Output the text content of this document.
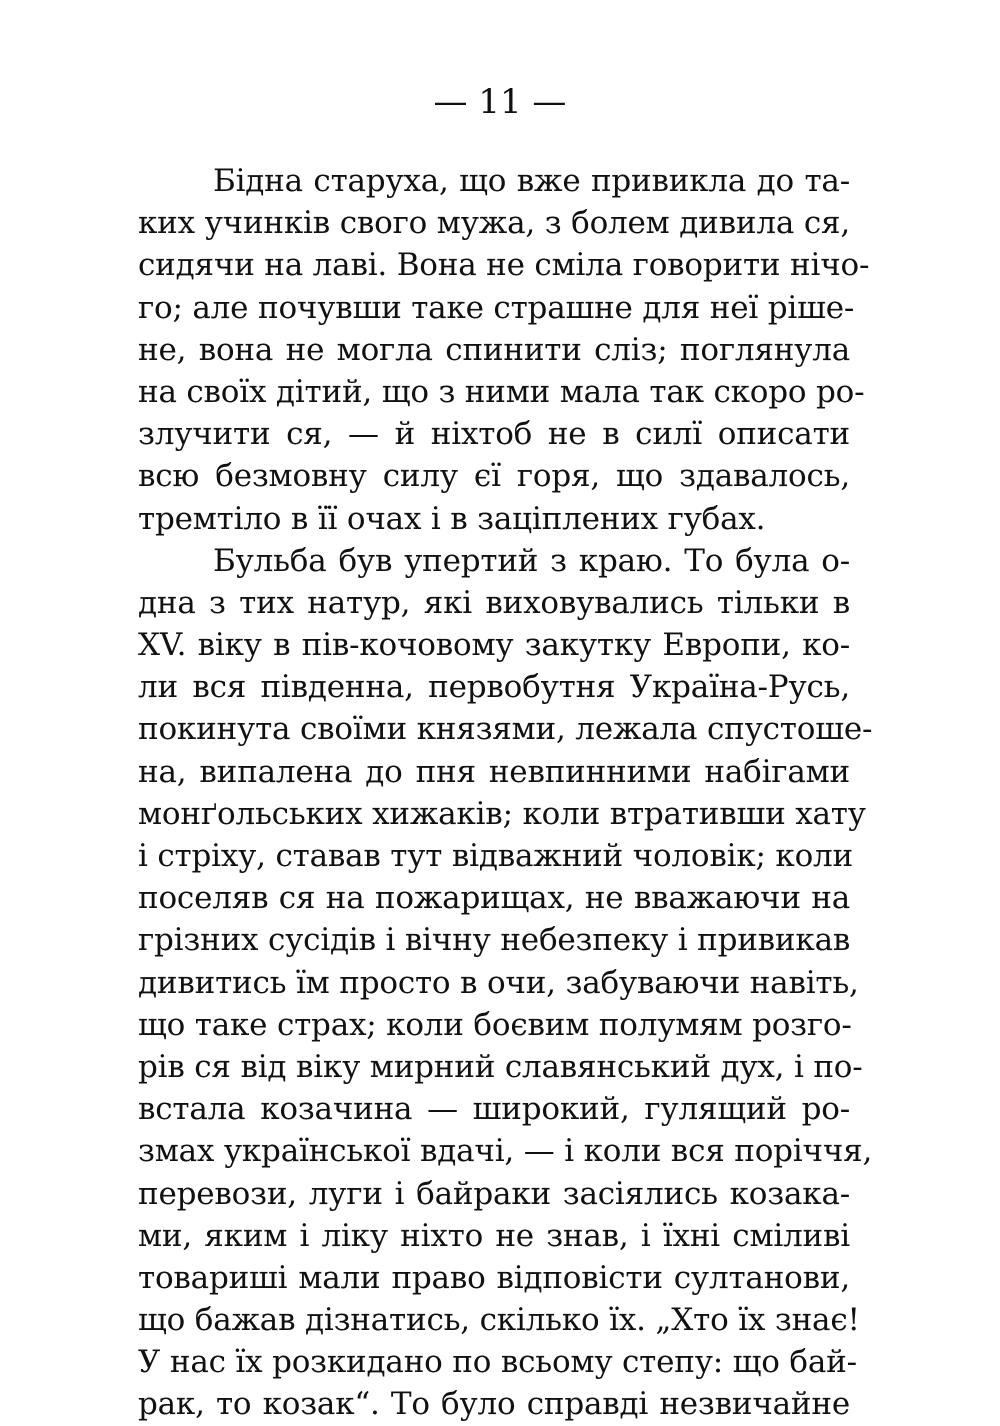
— 11 —
Бідна старуха, що вже привикла до та-
ких учинків свого мужа, з болем дивила ся,
сидячи на лаві. Вона не сміла говорити нічо-
го; але почувши таке страшне для неї ріше-
не, вона не могла спинити сліз; поглянула
на своїх дітий, що з ними мала так скоро ро-
злучити ся, — й ніхтоб не в силї описати
всю безмовну силу єї горя, що здавалось,
тремтіло в її очах і в заціплених губах.
Бульба був упертий з краю. То була о-
дна з тих натур, які виховувались тільки в
XV. віку в пів-кочовому закутку Европи, ко-
ли вся південна, первобутня Україна-Русь,
покинута своїми князями, лежала спустоше-
на, випалена до пня невпинними набігами
монґольських хижаків; коли втративши хату
і стріху, ставав тут відважний чоловік; коли
поселяв ся на пожарищах, не вважаючи на
грізних сусідів і вічну небезпеку і привикав
дивитись їм просто в очи, забуваючи навіть,
що таке страх; коли боєвим полумям розго-
рів ся від віку мирний славянський дух, і по-
встала козачина — широкий, гулящий ро-
змах української вдачі, — і коли вся поріччя,
перевози, луги і байраки засіялись козака-
ми, яким і ліку ніхто не знав, і їхні сміливі
товариші мали право відповісти султанови,
що бажав дізнатись, скілько їх. „Хто їх знає!
У нас їх розкидано по всьому степу: що бай-
рак, то козак“. То було справді незвичайне
